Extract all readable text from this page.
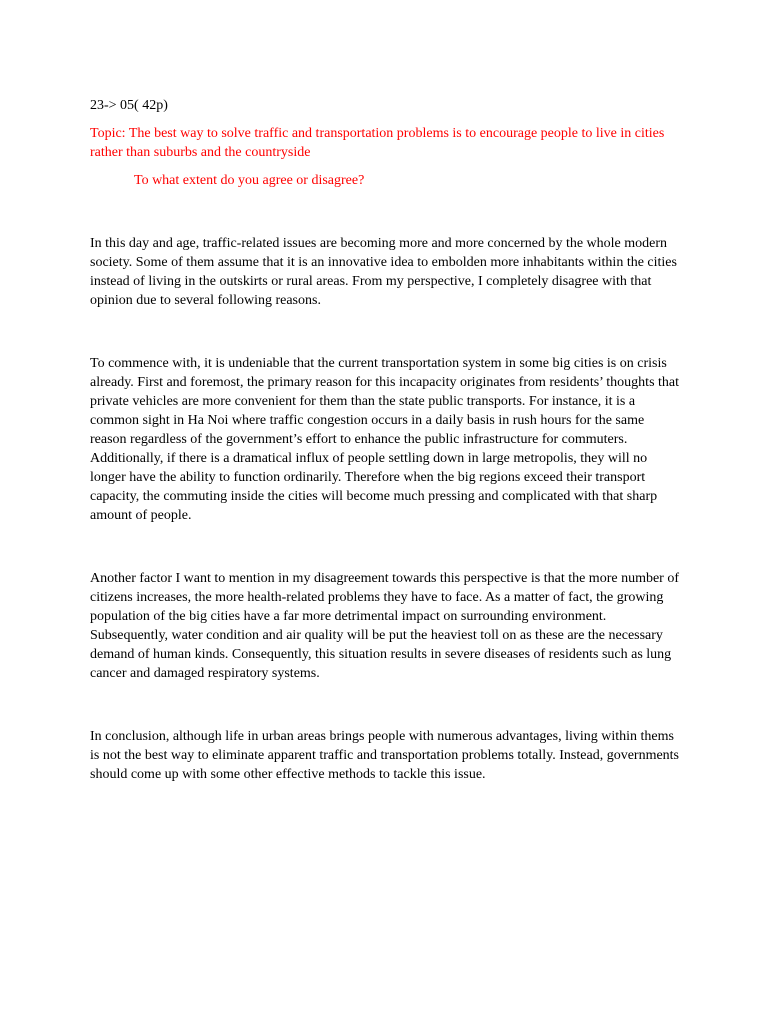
23-> 05( 42p)

Topic: The best way to solve traffic and transportation problems is to encourage people to live in cities rather than suburbs and the countryside

To what extent do you agree or disagree?

In this day and age, traffic-related issues are becoming more and more concerned by the whole modern society. Some of them assume that it is an innovative idea to embolden more inhabitants within the cities instead of living in the outskirts or rural areas. From my perspective, I completely disagree with that opinion due to several following reasons.

To commence with, it is undeniable that the current transportation system in some big cities is on crisis already. First and foremost, the primary reason for this incapacity originates from residents’ thoughts that private vehicles are more convenient for them than the state public transports. For instance, it is a common sight in Ha Noi where traffic congestion occurs in a daily basis in rush hours for the same reason regardless of the government’s effort to enhance the public infrastructure for commuters. Additionally, if there is a dramatical influx of people settling down in large metropolis, they will no longer have the ability to function ordinarily. Therefore when the big regions exceed their transport capacity, the commuting inside the cities will become much pressing and complicated with that sharp amount of people.

Another factor I want to mention in my disagreement towards this perspective is that the more number of citizens increases, the more health-related problems they have to face. As a matter of fact, the growing population of the big cities have a far more detrimental impact on surrounding environment. Subsequently, water condition and air quality will be put the heaviest toll on as these are the necessary demand of human kinds. Consequently, this situation results in severe diseases of residents such as lung cancer and damaged respiratory systems.

In conclusion, although life in urban areas brings people with numerous advantages, living within thems is not the best way to eliminate apparent traffic and transportation problems totally. Instead, governments should come up with some other effective methods to tackle this issue.
